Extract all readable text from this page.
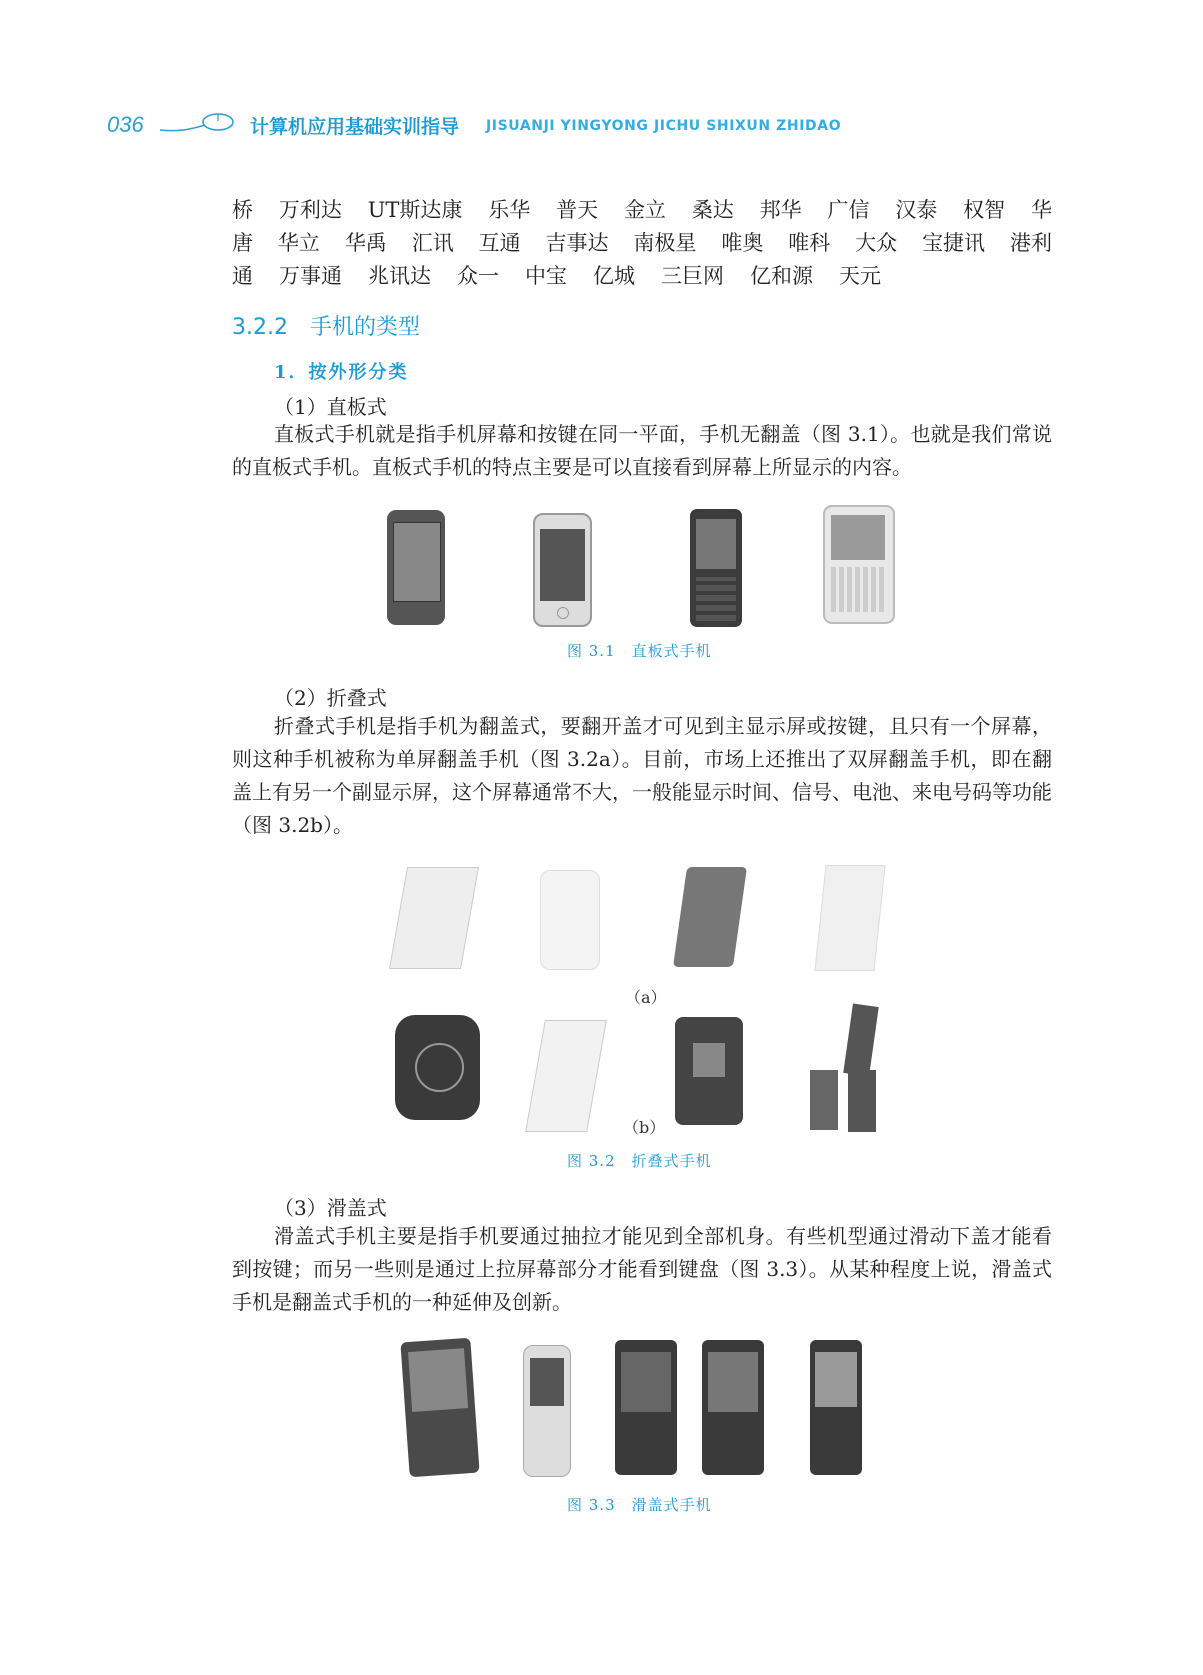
036	计算机应用基础实训指导 JISUANJI YINGYONG JICHU SHIXUN ZHIDAO
桥 万利达 UT斯达康 乐华 普天 金立 桑达 邦华 广信 汉泰 权智 华
唐 华立 华禹 汇讯 互通 吉事达 南极星 唯奥 唯科 大众 宝捷讯 港利
通 万事通 兆讯达 众一 中宝 亿城 三巨网 亿和源 天元
3.2.2　手机的类型
1．按外形分类
（1）直板式
直板式手机就是指手机屏幕和按键在同一平面，手机无翻盖（图 3.1）。也就是我们常说的直板式手机。直板式手机的特点主要是可以直接看到屏幕上所显示的内容。
图 3.1　直板式手机
（2）折叠式
折叠式手机是指手机为翻盖式，要翻开盖才可见到主显示屏或按键，且只有一个屏幕，则这种手机被称为单屏翻盖手机（图 3.2a）。目前，市场上还推出了双屏翻盖手机，即在翻盖上有另一个副显示屏，这个屏幕通常不大，一般能显示时间、信号、电池、来电号码等功能（图 3.2b）。
（a）
（b）
图 3.2　折叠式手机
（3）滑盖式
滑盖式手机主要是指手机要通过抽拉才能见到全部机身。有些机型通过滑动下盖才能看到按键；而另一些则是通过上拉屏幕部分才能看到键盘（图 3.3）。从某种程度上说，滑盖式手机是翻盖式手机的一种延伸及创新。
图 3.3　滑盖式手机
